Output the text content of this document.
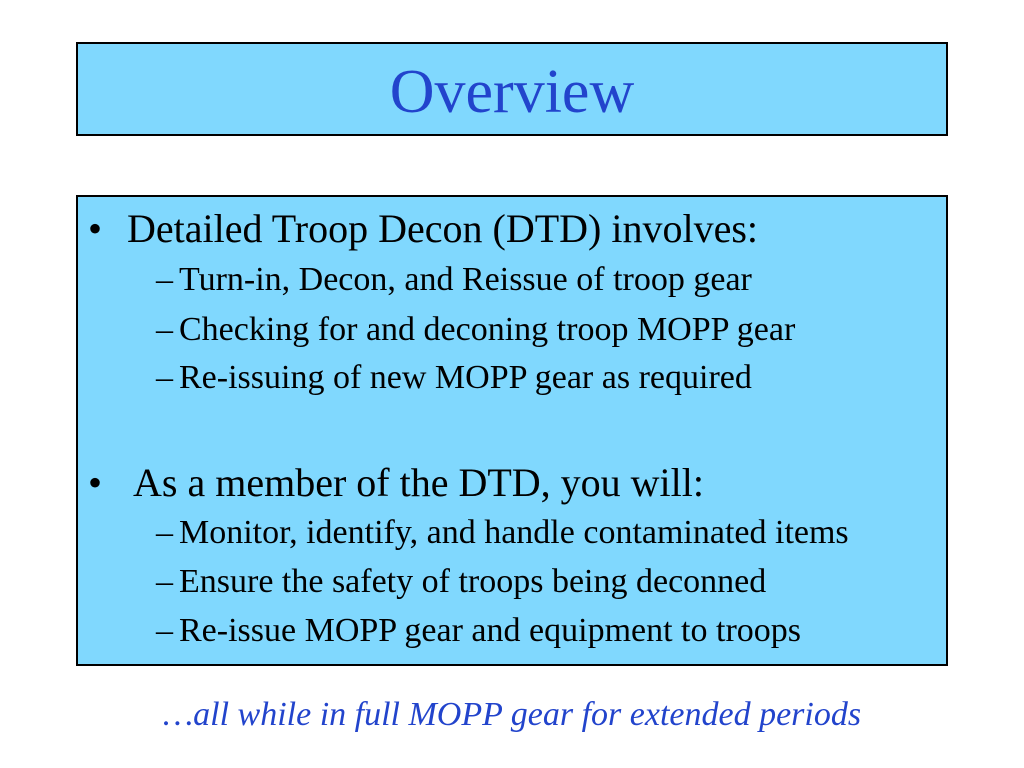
Overview
• Detailed Troop Decon (DTD) involves:
– Turn-in, Decon, and Reissue of troop gear
– Checking for and deconing troop MOPP gear
– Re-issuing of new MOPP gear as required
• As a member of the DTD, you will:
– Monitor, identify, and handle contaminated items
– Ensure the safety of troops being deconned
– Re-issue MOPP gear and equipment to troops
…all while in full MOPP gear for extended periods
